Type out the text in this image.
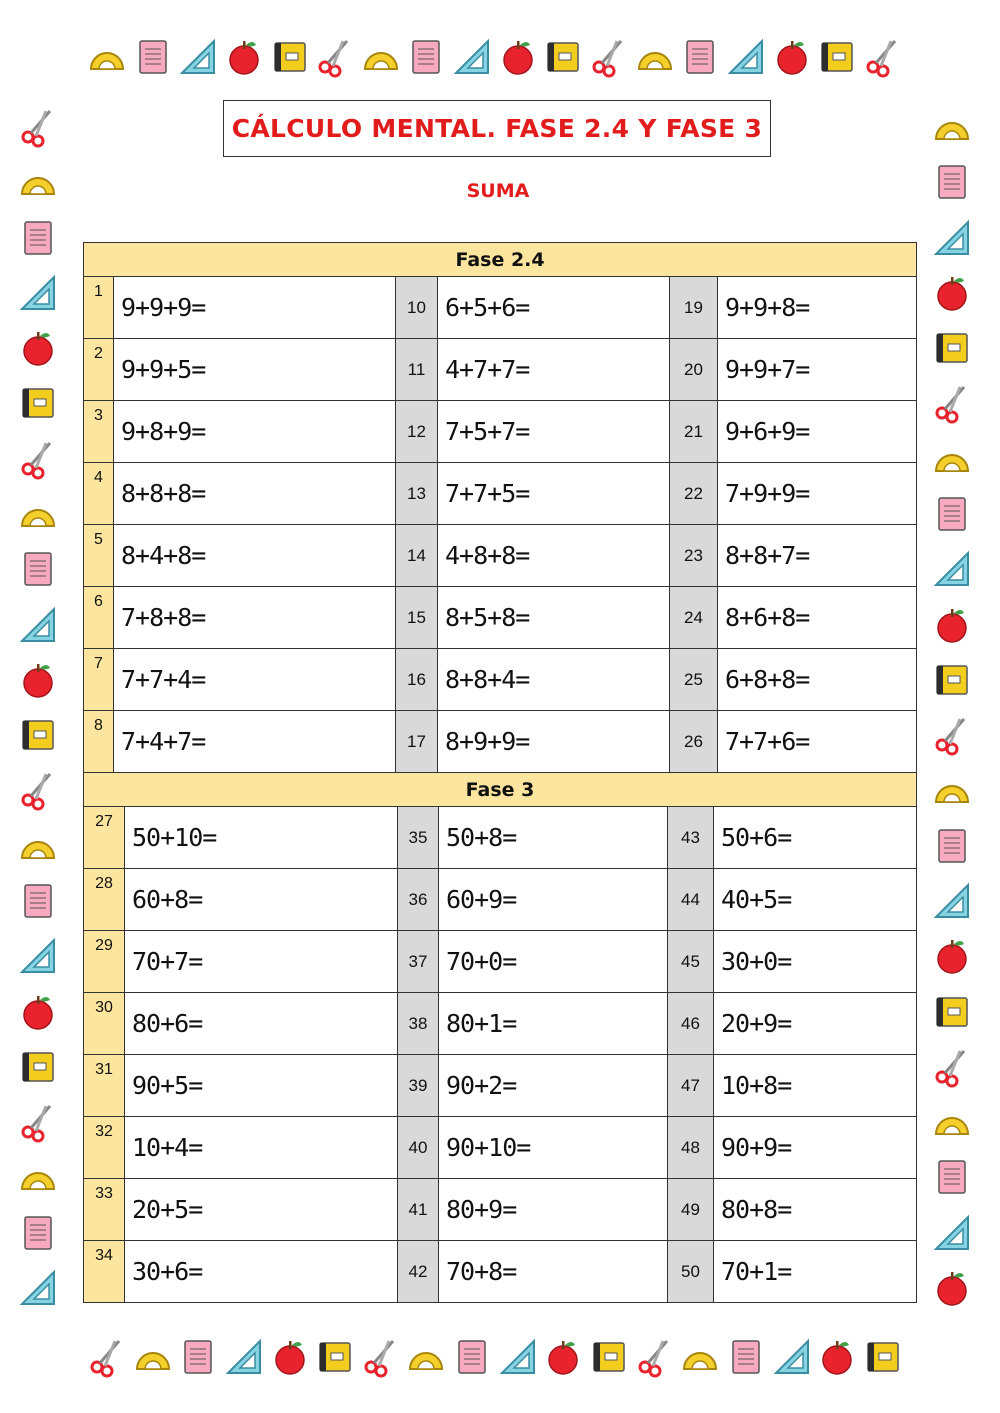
CÁLCULO MENTAL. FASE 2.4 Y FASE 3
SUMA
Fase 2.4					
1	9+9+9=	10	6+5+6=	19	9+9+8=
2	9+9+5=	11	4+7+7=	20	9+9+7=
3	9+8+9=	12	7+5+7=	21	9+6+9=
4	8+8+8=	13	7+7+5=	22	7+9+9=
5	8+4+8=	14	4+8+8=	23	8+8+7=
6	7+8+8=	15	8+5+8=	24	8+6+8=
7	7+7+4=	16	8+8+4=	25	6+8+8=
8	7+4+7=	17	8+9+9=	26	7+7+6=
Fase 3					
27	50+10=	35	50+8=	43	50+6=
28	60+8=	36	60+9=	44	40+5=
29	70+7=	37	70+0=	45	30+0=
30	80+6=	38	80+1=	46	20+9=
31	90+5=	39	90+2=	47	10+8=
32	10+4=	40	90+10=	48	90+9=
33	20+5=	41	80+9=	49	80+8=
34	30+6=	42	70+8=	50	70+1=
